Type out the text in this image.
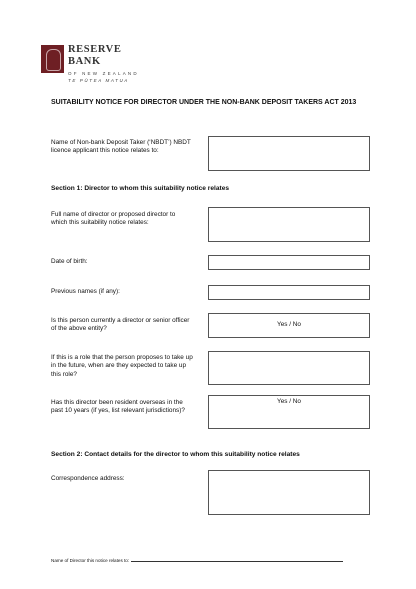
RESERVE
BANK
OF NEW ZEALAND
TE PŪTEA MATUA
SUITABILITY NOTICE FOR DIRECTOR UNDER THE NON-BANK DEPOSIT TAKERS ACT 2013
Name of Non-bank Deposit Taker (‘NBDT’) NBDT licence applicant this notice relates to:
Section 1: Director to whom this suitability notice relates
Full name of director or proposed director to which this suitability notice relates:
Date of birth:
Previous names (if any):
Is this person currently a director or senior officer of the above entity?
Yes / No
If this is a role that the person proposes to take up in the future, when are they expected to take up this role?
Has this director been resident overseas in the past 10 years (if yes, list relevant jurisdictions)?
Yes / No
Section 2: Contact details for the director to whom this suitability notice relates
Correspondence address:
Name of Director this notice relates to:
